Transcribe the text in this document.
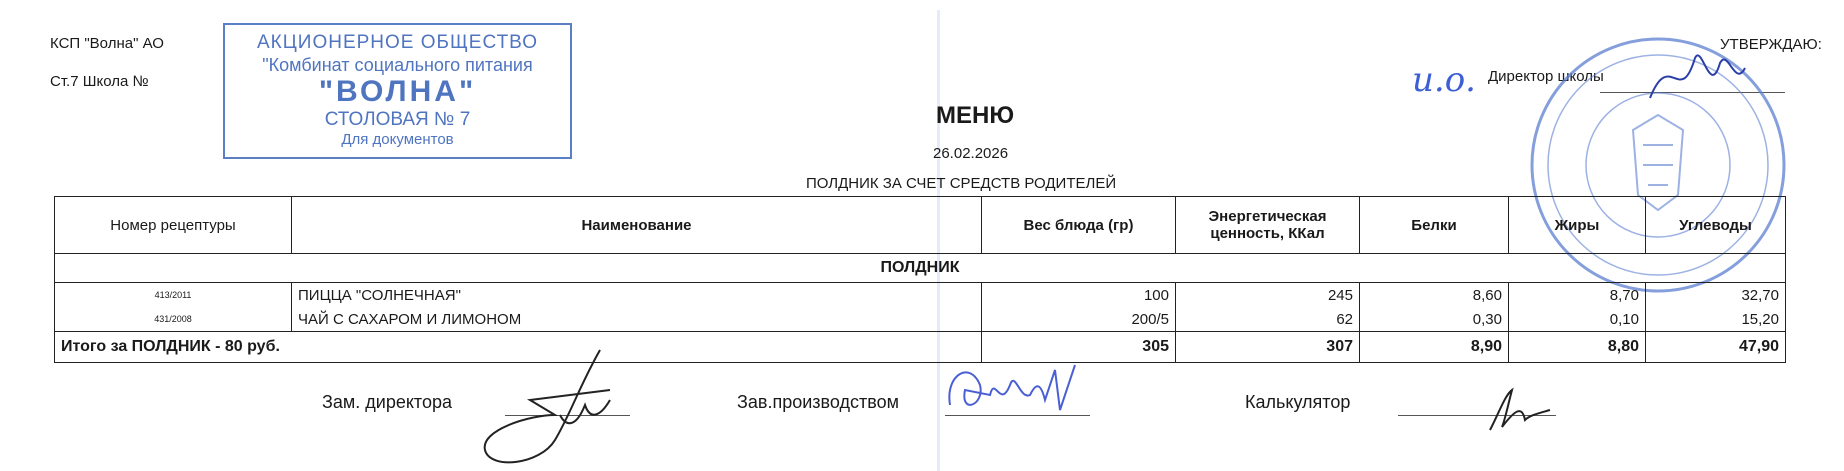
КСП "Волна" АО
Ст.7 Школа №
АКЦИОНЕРНОЕ ОБЩЕСТВО
"Комбинат социального питания
"ВОЛНА"
СТОЛОВАЯ № 7
Для документов
УТВЕРЖДАЮ:
и.о. Директор школы
МЕНЮ
26.02.2026
ПОЛДНИК ЗА СЧЕТ СРЕДСТВ РОДИТЕЛЕЙ
Номер рецептуры	Наименование	Вес блюда (гр)	Энергетическая ценность, ККал	Белки	Жиры	Углеводы
ПОЛДНИК						
413/2011	ПИЦЦА "СОЛНЕЧНАЯ"	100	245	8,60	8,70	32,70
431/2008	ЧАЙ С САХАРОМ И ЛИМОНОМ	200/5	62	0,30	0,10	15,20
Итого за ПОЛДНИК - 80 руб.		305	307	8,90	8,80	47,90
Зам. директора	Зав.производством	Калькулятор
